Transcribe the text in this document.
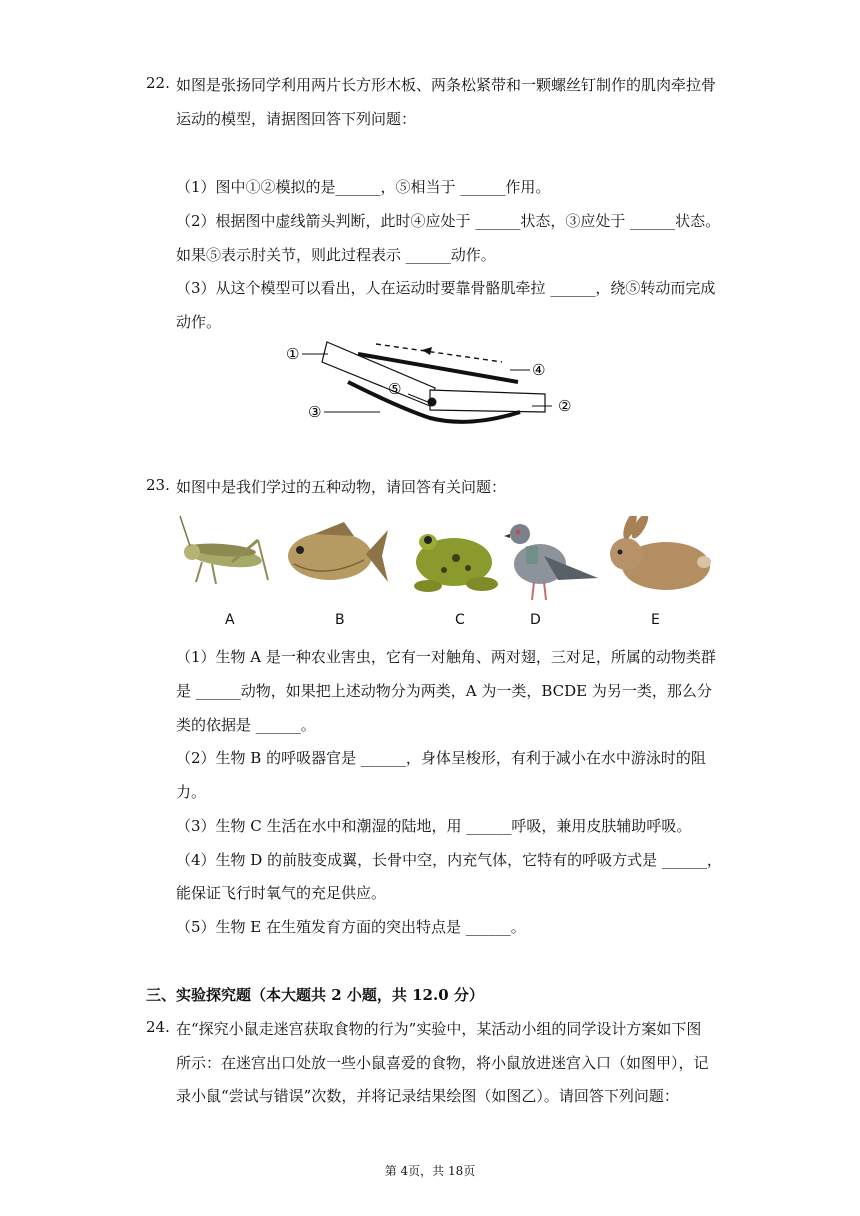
22. 如图是张扬同学利用两片长方形木板、两条松紧带和一颗螺丝钉制作的肌肉牵拉骨
运动的模型，请据图回答下列问题：
（1）图中①②模拟的是______，⑤相当于 ______作用。
（2）根据图中虚线箭头判断，此时④应处于 ______状态，③应处于 ______状态。
如果⑤表示肘关节，则此过程表示 ______动作。
（3）从这个模型可以看出，人在运动时要靠骨骼肌牵拉 ______，绕⑤转动而完成
动作。
①
②
③
④
⑤
23. 如图中是我们学过的五种动物，请回答有关问题：
A	B	C	D	E
（1）生物 A 是一种农业害虫，它有一对触角、两对翅，三对足，所属的动物类群
是 ______动物，如果把上述动物分为两类，A 为一类，BCDE 为另一类，那么分
类的依据是 ______。
（2）生物 B 的呼吸器官是 ______，身体呈梭形，有利于减小在水中游泳时的阻
力。
（3）生物 C 生活在水中和潮湿的陆地，用 ______呼吸，兼用皮肤辅助呼吸。
（4）生物 D 的前肢变成翼，长骨中空，内充气体，它特有的呼吸方式是 ______，
能保证飞行时氧气的充足供应。
（5）生物 E 在生殖发育方面的突出特点是 ______。
三、实验探究题（本大题共 2 小题，共 12.0 分）
24. 在“探究小鼠走迷宫获取食物的行为”实验中，某活动小组的同学设计方案如下图
所示：在迷宫出口处放一些小鼠喜爱的食物，将小鼠放进迷宫入口（如图甲），记
录小鼠“尝试与错误”次数，并将记录结果绘图（如图乙）。请回答下列问题：
第 4页，共 18页
